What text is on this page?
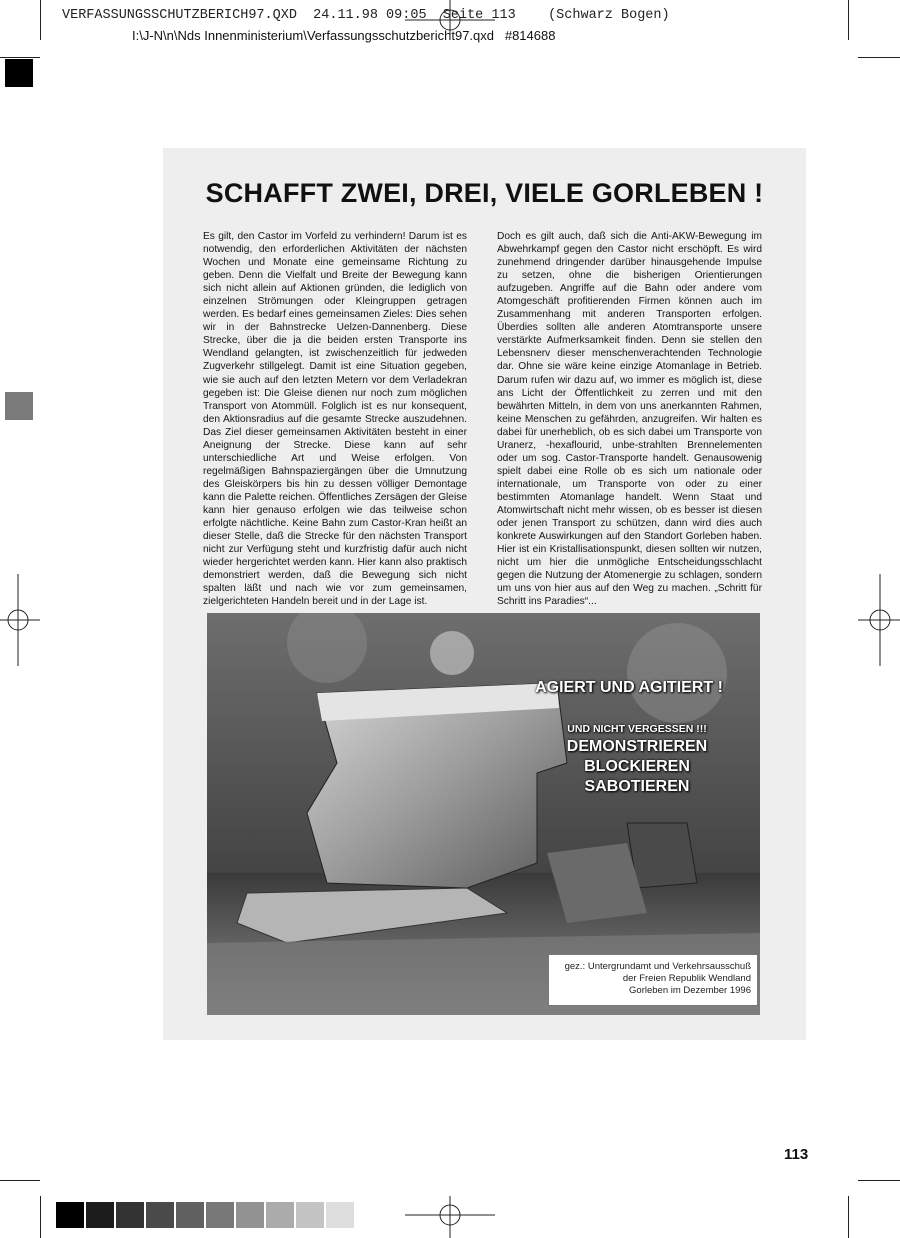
VERFASSUNGSSCHUTZBERICH97.QXD  24.11.98 09:05  Seite 113    (Schwarz Bogen)
I:\J-N\n\Nds Innenministerium\Verfassungsschutzbericht97.qxd   #814688
SCHAFFT ZWEI, DREI, VIELE GORLEBEN !
Es gilt, den Castor im Vorfeld zu verhindern! Darum ist es notwendig, den erforderlichen Aktivitäten der nächsten Wochen und Monate eine gemeinsame Richtung zu geben. Denn die Vielfalt und Breite der Bewegung kann sich nicht allein auf Aktionen gründen, die lediglich von einzelnen Strömungen oder Kleingruppen getragen werden. Es bedarf eines gemeinsamen Zieles: Dies sehen wir in der Bahnstrecke Uelzen-Dannenberg. Diese Strecke, über die ja die beiden ersten Transporte ins Wendland gelangten, ist zwischenzeitlich für jedweden Zugverkehr stillgelegt. Damit ist eine Situation gegeben, wie sie auch auf den letzten Metern vor dem Verladekran gegeben ist: Die Gleise dienen nur noch zum möglichen Transport von Atommüll. Folglich ist es nur konsequent, den Aktionsradius auf die gesamte Strecke auszudehnen. Das Ziel dieser gemeinsamen Aktivitäten besteht in einer Aneignung der Strecke. Diese kann auf sehr unterschiedliche Art und Weise erfolgen. Von regelmäßigen Bahnspaziergängen über die Umnutzung des Gleiskörpers bis hin zu dessen völliger Demontage kann die Palette reichen. Öffentliches Zersägen der Gleise kann hier genauso erfolgen wie das teilweise schon erfolgte nächtliche. Keine Bahn zum Castor-Kran heißt an dieser Stelle, daß die Strecke für den nächsten Transport nicht zur Verfügung steht und kurzfristig dafür auch nicht wieder hergerichtet werden kann. Hier kann also praktisch demonstriert werden, daß die Bewegung sich nicht spalten läßt und nach wie vor zum gemeinsamen, zielgerichteten Handeln bereit und in der Lage ist.
Doch es gilt auch, daß sich die Anti-AKW-Bewegung im Abwehrkampf gegen den Castor nicht erschöpft. Es wird zunehmend dringender darüber hinausgehende Impulse zu setzen, ohne die bisherigen Orientierungen aufzugeben. Angriffe auf die Bahn oder andere vom Atomgeschäft profitierenden Firmen können auch im Zusammenhang mit anderen Transporten erfolgen. Überdies sollten alle anderen Atomtransporte unsere verstärkte Aufmerksamkeit finden. Denn sie stellen den Lebensnerv dieser menschenverachtenden Technologie dar. Ohne sie wäre keine einzige Atomanlage in Betrieb. Darum rufen wir dazu auf, wo immer es möglich ist, diese ans Licht der Öffentlichkeit zu zerren und mit den bewährten Mitteln, in dem von uns anerkannten Rahmen, keine Menschen zu gefährden, anzugreifen. Wir halten es dabei für unerheblich, ob es sich dabei um Transporte von Uranerz, -hexaflourid, unbe-strahlten Brennelementen oder um sog. Castor-Transporte handelt. Genausowenig spielt dabei eine Rolle ob es sich um nationale oder internationale, um Transporte von oder zu einer bestimmten Atomanlage handelt. Wenn Staat und Atomwirtschaft nicht mehr wissen, ob es besser ist diesen oder jenen Transport zu schützen, dann wird dies auch konkrete Auswirkungen auf den Standort Gorleben haben. Hier ist ein Kristallisationspunkt, diesen sollten wir nutzen, nicht um hier die unmögliche Entscheidungsschlacht gegen die Nutzung der Atomenergie zu schlagen, sondern um uns von hier aus auf den Weg zu machen. „Schritt für Schritt ins Paradies“...
AGIERT UND AGITIERT !
UND NICHT VERGESSEN !!!
DEMONSTRIEREN
BLOCKIEREN
SABOTIEREN
gez.: Untergrundamt und Verkehrsausschuß
der Freien Republik Wendland
Gorleben im Dezember 1996
113
